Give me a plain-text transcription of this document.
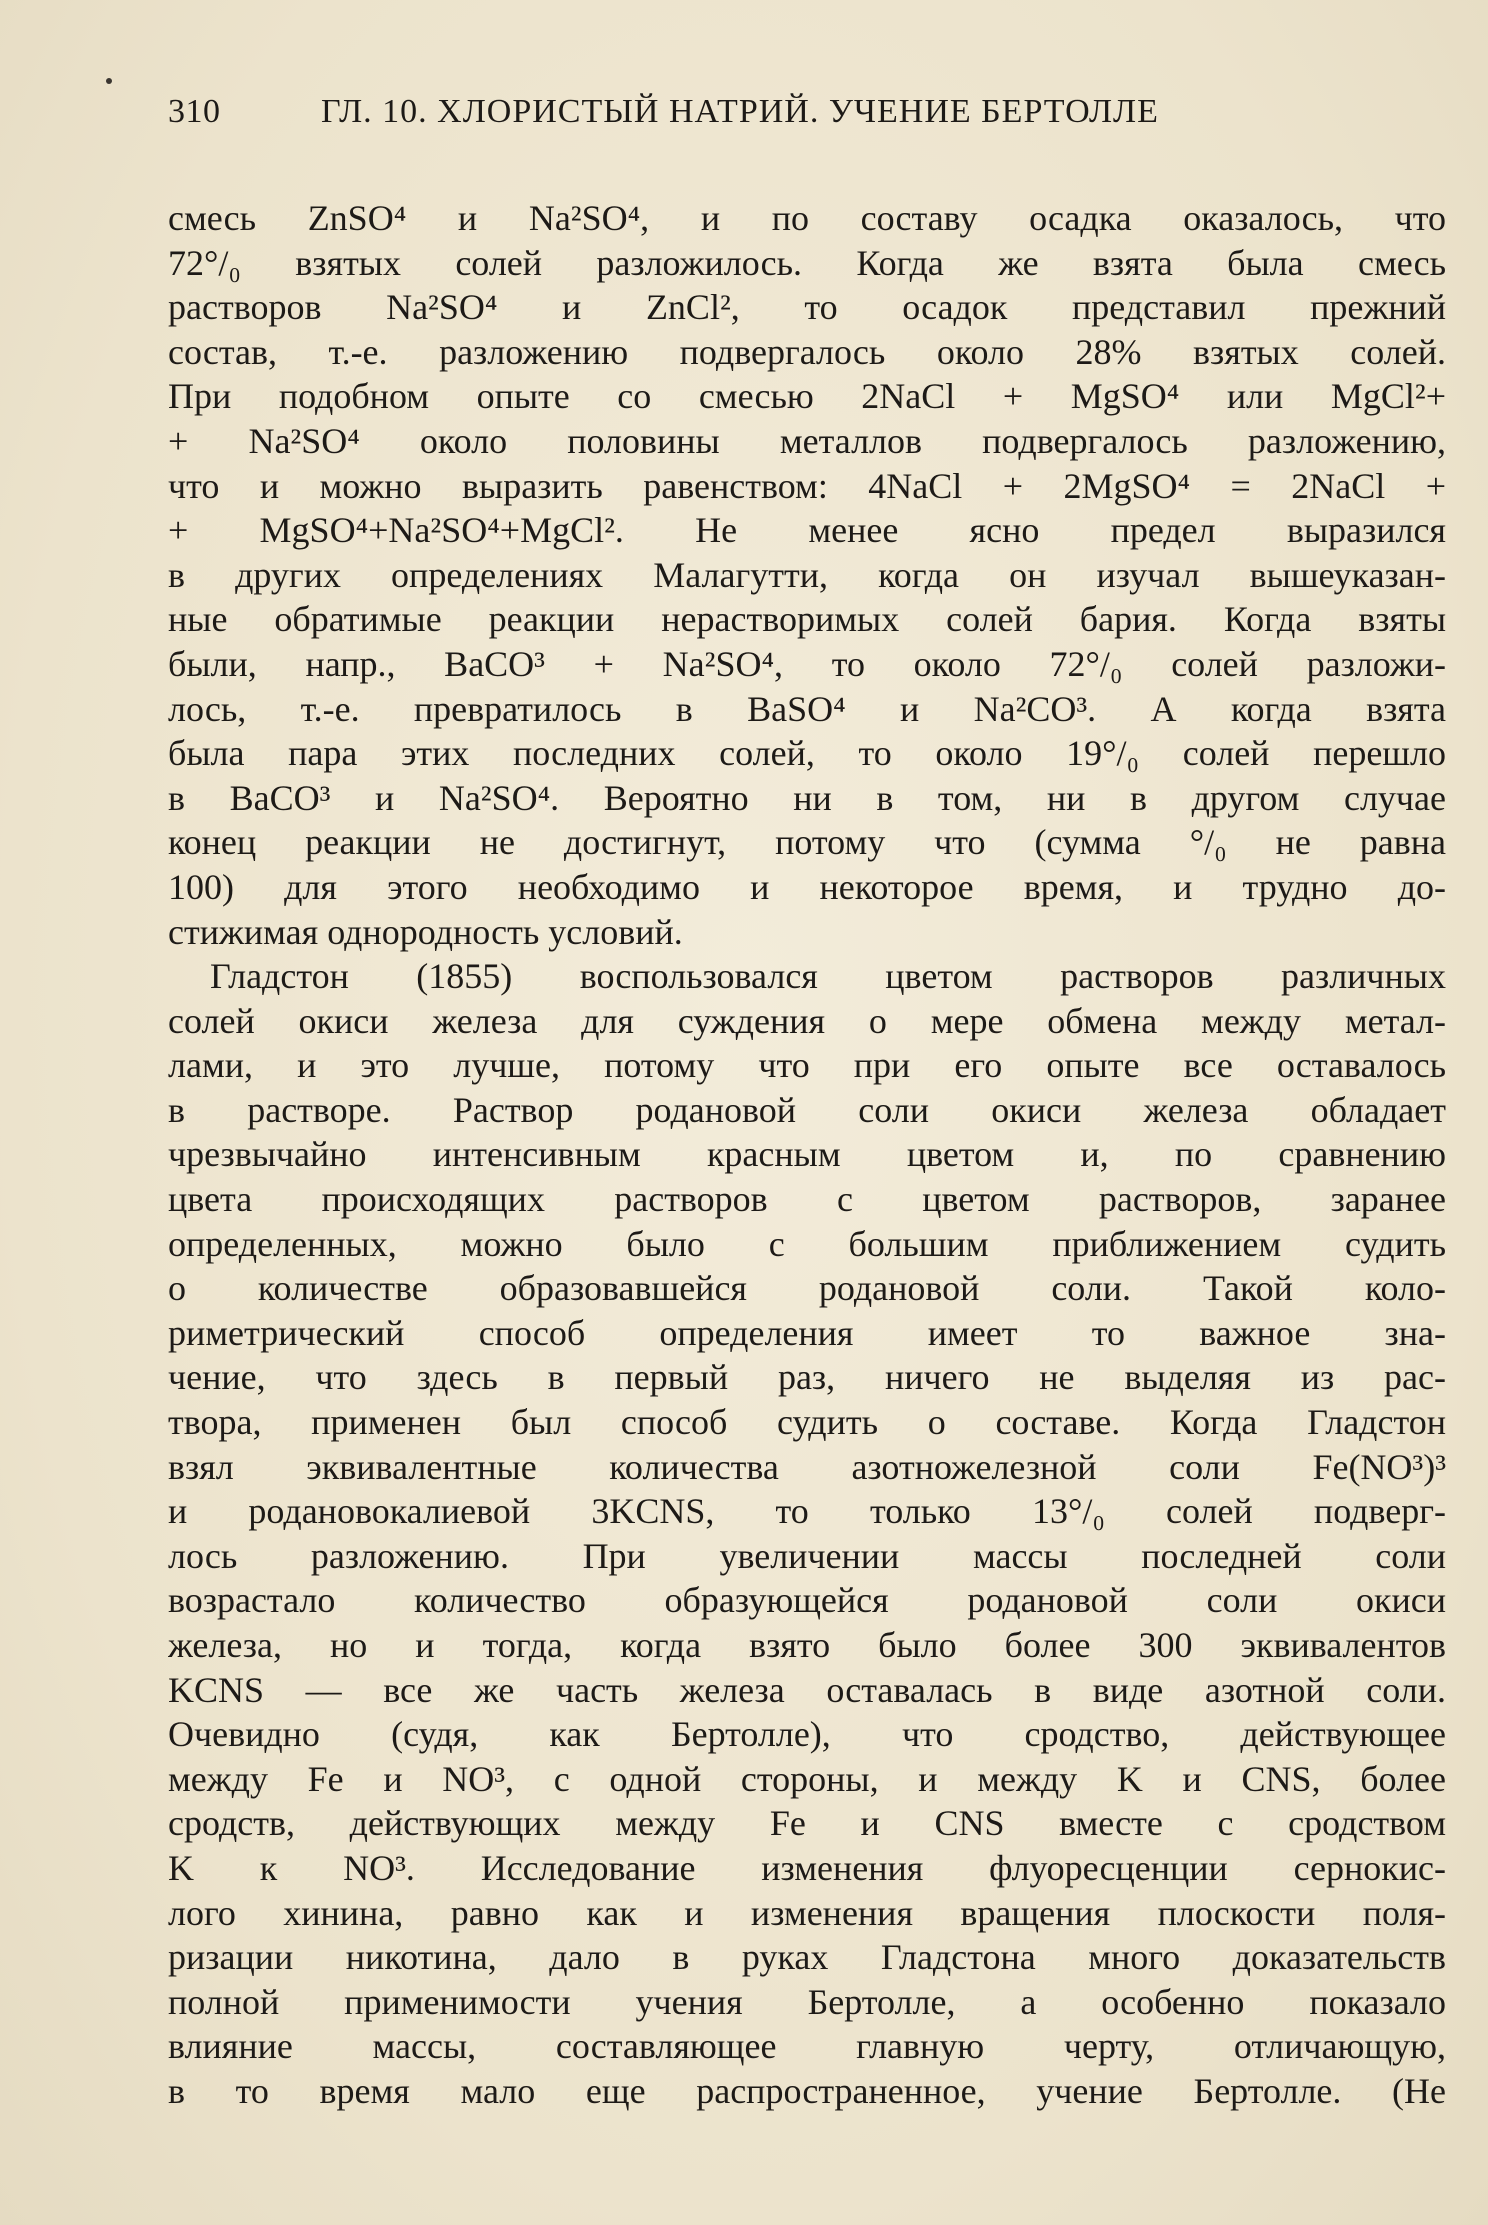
310	ГЛ. 10. ХЛОРИСТЫЙ НАТРИЙ. УЧЕНИЕ БЕРТОЛЛЕ
смесь ZnSO⁴ и Na²SO⁴, и по составу осадка оказалось, что
72°/₀ взятых солей разложилось. Когда же взята была смесь
растворов Na²SO⁴ и ZnCl², то осадок представил прежний
состав, т.-е. разложению подвергалось около 28% взятых солей.
При подобном опыте со смесью 2NaCl + MgSO⁴ или MgCl²+
+ Na²SO⁴ около половины металлов подвергалось разложению,
что и можно выразить равенством: 4NaCl + 2MgSO⁴ = 2NaCl +
+ MgSO⁴+Na²SO⁴+MgCl². Не менее ясно предел выразился
в других определениях Малагутти, когда он изучал вышеуказан-
ные обратимые реакции нерастворимых солей бария. Когда взяты
были, напр., BaCO³ + Na²SO⁴, то около 72°/₀ солей разложи-
лось, т.-е. превратилось в BaSO⁴ и Na²CO³. А когда взята
была пара этих последних солей, то около 19°/₀ солей перешло
в BaCO³ и Na²SO⁴. Вероятно ни в том, ни в другом случае
конец реакции не достигнут, потому что (сумма °/₀ не равна
100) для этого необходимо и некоторое время, и трудно до-
стижимая однородность условий.
Гладстон (1855) воспользовался цветом растворов различных
солей окиси железа для суждения о мере обмена между метал-
лами, и это лучше, потому что при его опыте все оставалось
в растворе. Раствор родановой соли окиси железа обладает
чрезвычайно интенсивным красным цветом и, по сравнению
цвета происходящих растворов с цветом растворов, заранее
определенных, можно было с большим приближением судить
о количестве образовавшейся родановой соли. Такой коло-
риметрический способ определения имеет то важное зна-
чение, что здесь в первый раз, ничего не выделяя из рас-
твора, применен был способ судить о составе. Когда Гладстон
взял эквивалентные количества азотножелезной соли Fe(NO³)³
и родановокалиевой 3KCNS, то только 13°/₀ солей подверг-
лось разложению. При увеличении массы последней соли
возрастало количество образующейся родановой соли окиси
железа, но и тогда, когда взято было более 300 эквивалентов
KCNS — все же часть железа оставалась в виде азотной соли.
Очевидно (судя, как Бертолле), что сродство, действующее
между Fe и NO³, с одной стороны, и между K и CNS, более
сродств, действующих между Fe и CNS вместе с сродством
K к NO³. Исследование изменения флуоресценции сернокис-
лого хинина, равно как и изменения вращения плоскости поля-
ризации никотина, дало в руках Гладстона много доказательств
полной применимости учения Бертолле, а особенно показало
влияние массы, составляющее главную черту, отличающую,
в то время мало еще распространенное, учение Бертолле. (Не
